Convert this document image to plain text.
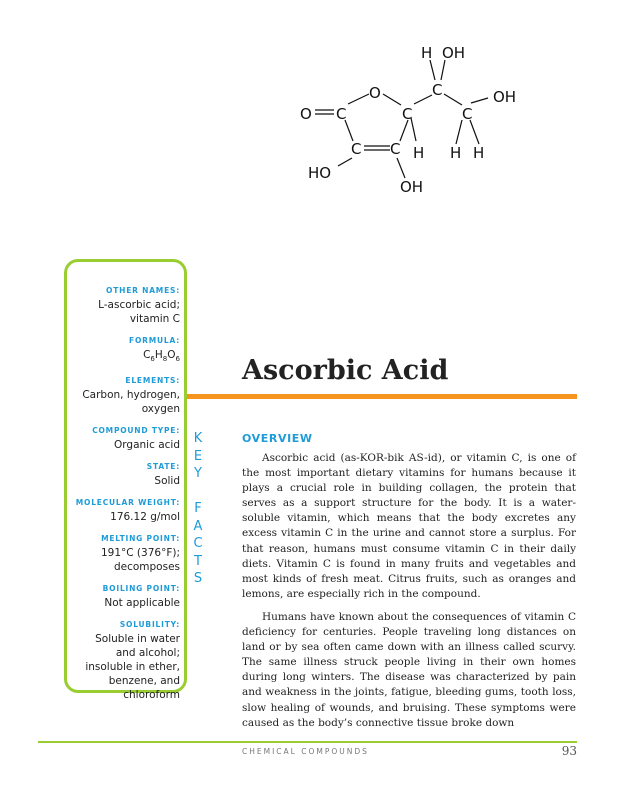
O C
O
C
C
C	H
HO
OH
H OH
C	OH
C
H H
OTHER NAMES:
L-ascorbic acid; vitamin C
FORMULA:
$C_6H_8O_6$
ELEMENTS:
Carbon, hydrogen, oxygen
COMPOUND TYPE:
Organic acid
STATE:
Solid
MOLECULAR WEIGHT:
176.12 g/mol
MELTING POINT:
191°C (376°F); decomposes
BOILING POINT:
Not applicable
SOLUBILITY:
Soluble in water and alcohol; insoluble in ether, benzene, and chloroform
K
E
Y

F
A
C
T
S
Ascorbic Acid
OVERVIEW

Ascorbic acid (as-KOR-bik AS-id), or vitamin C, is one of the most important dietary vitamins for humans because it plays a crucial role in building collagen, the protein that serves as a support structure for the body. It is a water-soluble vitamin, which means that the body excretes any excess vitamin C in the urine and cannot store a surplus. For that reason, humans must consume vitamin C in their daily diets. Vitamin C is found in many fruits and vegetables and most kinds of fresh meat. Citrus fruits, such as oranges and lemons, are especially rich in the compound.

Humans have known about the consequences of vitamin C deficiency for centuries. People traveling long distances on land or by sea often came down with an illness called scurvy. The same illness struck people living in their own homes during long winters. The disease was characterized by pain and weakness in the joints, fatigue, bleeding gums, tooth loss, slow healing of wounds, and bruising. These symptoms were caused as the body’s connective tissue broke down

CHEMICAL COMPOUNDS	93
